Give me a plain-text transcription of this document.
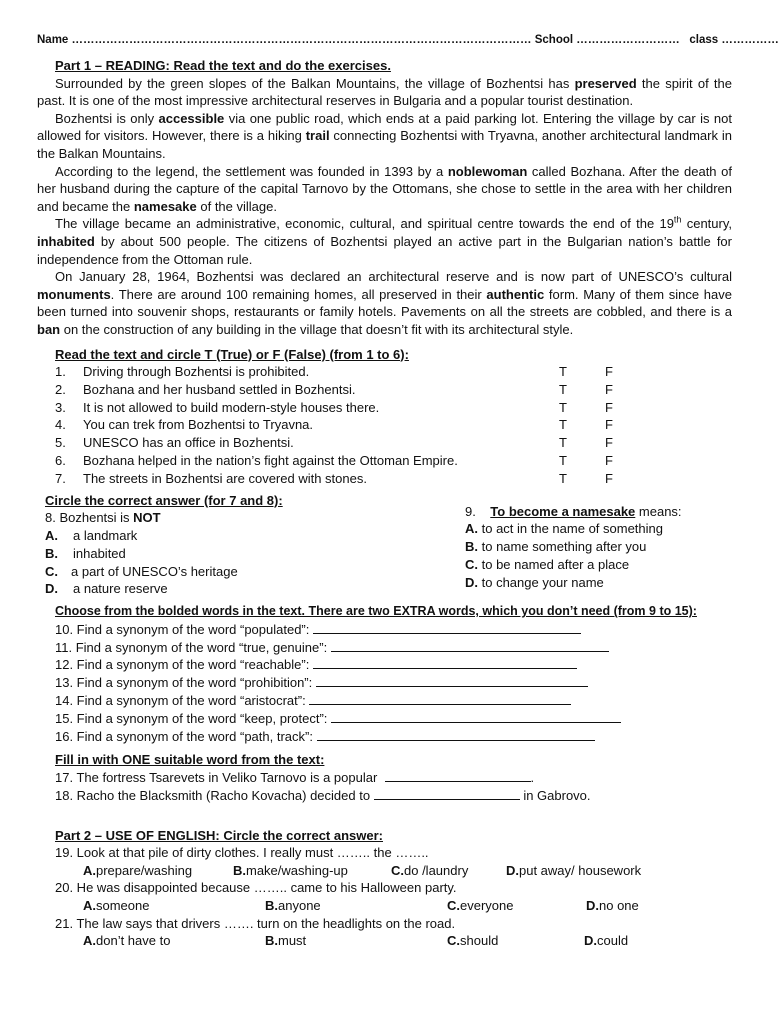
Name ………………………………………………………………………………………………………… School ……………………… class ……………
Part 1 – READING: Read the text and do the exercises.

Surrounded by the green slopes of the Balkan Mountains, the village of Bozhentsi has preserved the spirit of the past. It is one of the most impressive architectural reserves in Bulgaria and a popular tourist destination.

Bozhentsi is only accessible via one public road, which ends at a paid parking lot. Entering the village by car is not allowed for visitors. However, there is a hiking trail connecting Bozhentsi with Tryavna, another architectural landmark in the Balkan Mountains.

According to the legend, the settlement was founded in 1393 by a noblewoman called Bozhana. After the death of her husband during the capture of the capital Tarnovo by the Ottomans, she chose to settle in the area with her children and became the namesake of the village.

The village became an administrative, economic, cultural, and spiritual centre towards the end of the 19th century, inhabited by about 500 people. The citizens of Bozhentsi played an active part in the Bulgarian nation’s battle for independence from the Ottoman rule.

On January 28, 1964, Bozhentsi was declared an architectural reserve and is now part of UNESCO’s cultural monuments. There are around 100 remaining homes, all preserved in their authentic form. Many of them since have been turned into souvenir shops, restaurants or family hotels. Pavements on all the streets are cobbled, and there is a ban on the construction of any building in the village that doesn’t fit with its architectural style.

Read the text and circle T (True) or F (False) (from 1 to 6):
1.	Driving through Bozhentsi is prohibited.	T	F
2.	Bozhana and her husband settled in Bozhentsi.	T	F
3.	It is not allowed to build modern-style houses there.	T	F
4.	You can trek from Bozhentsi to Tryavna.	T	F
5.	UNESCO has an office in Bozhentsi.	T	F
6.	Bozhana helped in the nation’s fight against the Ottoman Empire.	T	F
7.	The streets in Bozhentsi are covered with stones.	T	F
Circle the correct answer (for 7 and 8):
8. Bozhentsi is NOT
A. a landmark
B. inhabited
C. a part of UNESCO’s heritage
D. a nature reserve
9. To become a namesake means:
A. to act in the name of something
B. to name something after you
C. to be named after a place
D. to change your name
Choose from the bolded words in the text. There are two EXTRA words, which you don’t need (from 9 to 15):
10. Find a synonym of the word “populated”:
11. Find a synonym of the word “true, genuine”:
12. Find a synonym of the word “reachable”:
13. Find a synonym of the word “prohibition”:
14. Find a synonym of the word “aristocrat”:
15. Find a synonym of the word “keep, protect”:
16. Find a synonym of the word “path, track”:
Fill in with ONE suitable word from the text:
17. The fortress Tsarevets in Veliko Tarnovo is a popular	.
18. Racho the Blacksmith (Racho Kovacha) decided to	in Gabrovo.
Part 2 – USE OF ENGLISH: Circle the correct answer:
19. Look at that pile of dirty clothes. I really must …….. the ……..
A.prepare/washing	B.make/washing-up	C.do /laundry	D.put away/ housework
20. He was disappointed because …….. came to his Halloween party.
A.someone	B.anyone	C.everyone	D.no one
21. The law says that drivers ……. turn on the headlights on the road.
A.don’t have to	B.must	C.should	D.could
